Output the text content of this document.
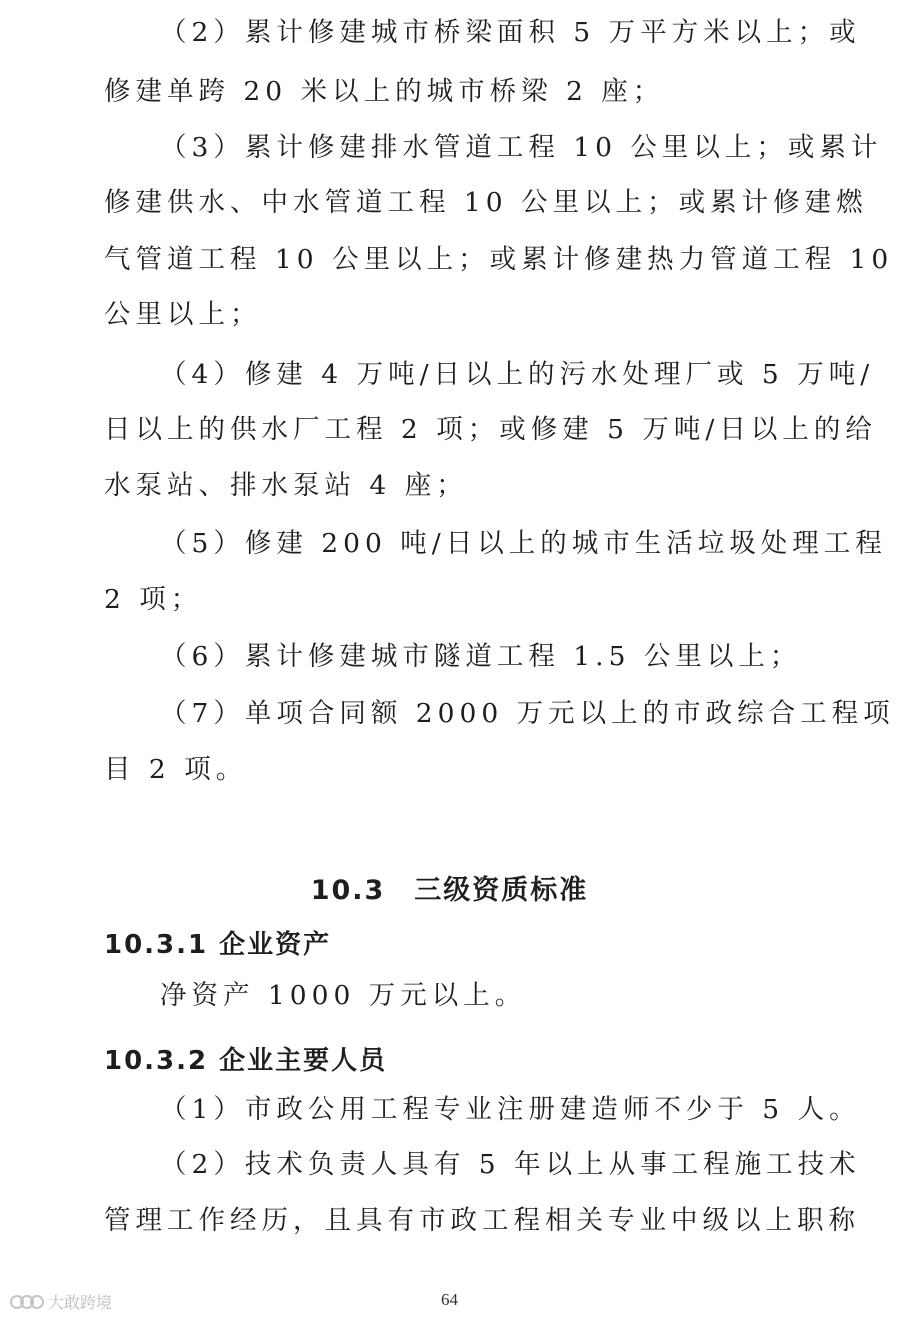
（2）累计修建城市桥梁面积 5 万平方米以上；或
修建单跨 20 米以上的城市桥梁 2 座；
（3）累计修建排水管道工程 10 公里以上；或累计
修建供水、中水管道工程 10 公里以上；或累计修建燃
气管道工程 10 公里以上；或累计修建热力管道工程 10
公里以上；
（4）修建 4 万吨/日以上的污水处理厂或 5 万吨/
日以上的供水厂工程 2 项；或修建 5 万吨/日以上的给
水泵站、排水泵站 4 座；
（5）修建 200 吨/日以上的城市生活垃圾处理工程
2 项；
（6）累计修建城市隧道工程 1.5 公里以上；
（7）单项合同额 2000 万元以上的市政综合工程项
目 2 项。
10.3　三级资质标准
10.3.1 企业资产
净资产 1000 万元以上。
10.3.2 企业主要人员
（1）市政公用工程专业注册建造师不少于 5 人。
（2）技术负责人具有 5 年以上从事工程施工技术
管理工作经历，且具有市政工程相关专业中级以上职称
64
大敢跨境
